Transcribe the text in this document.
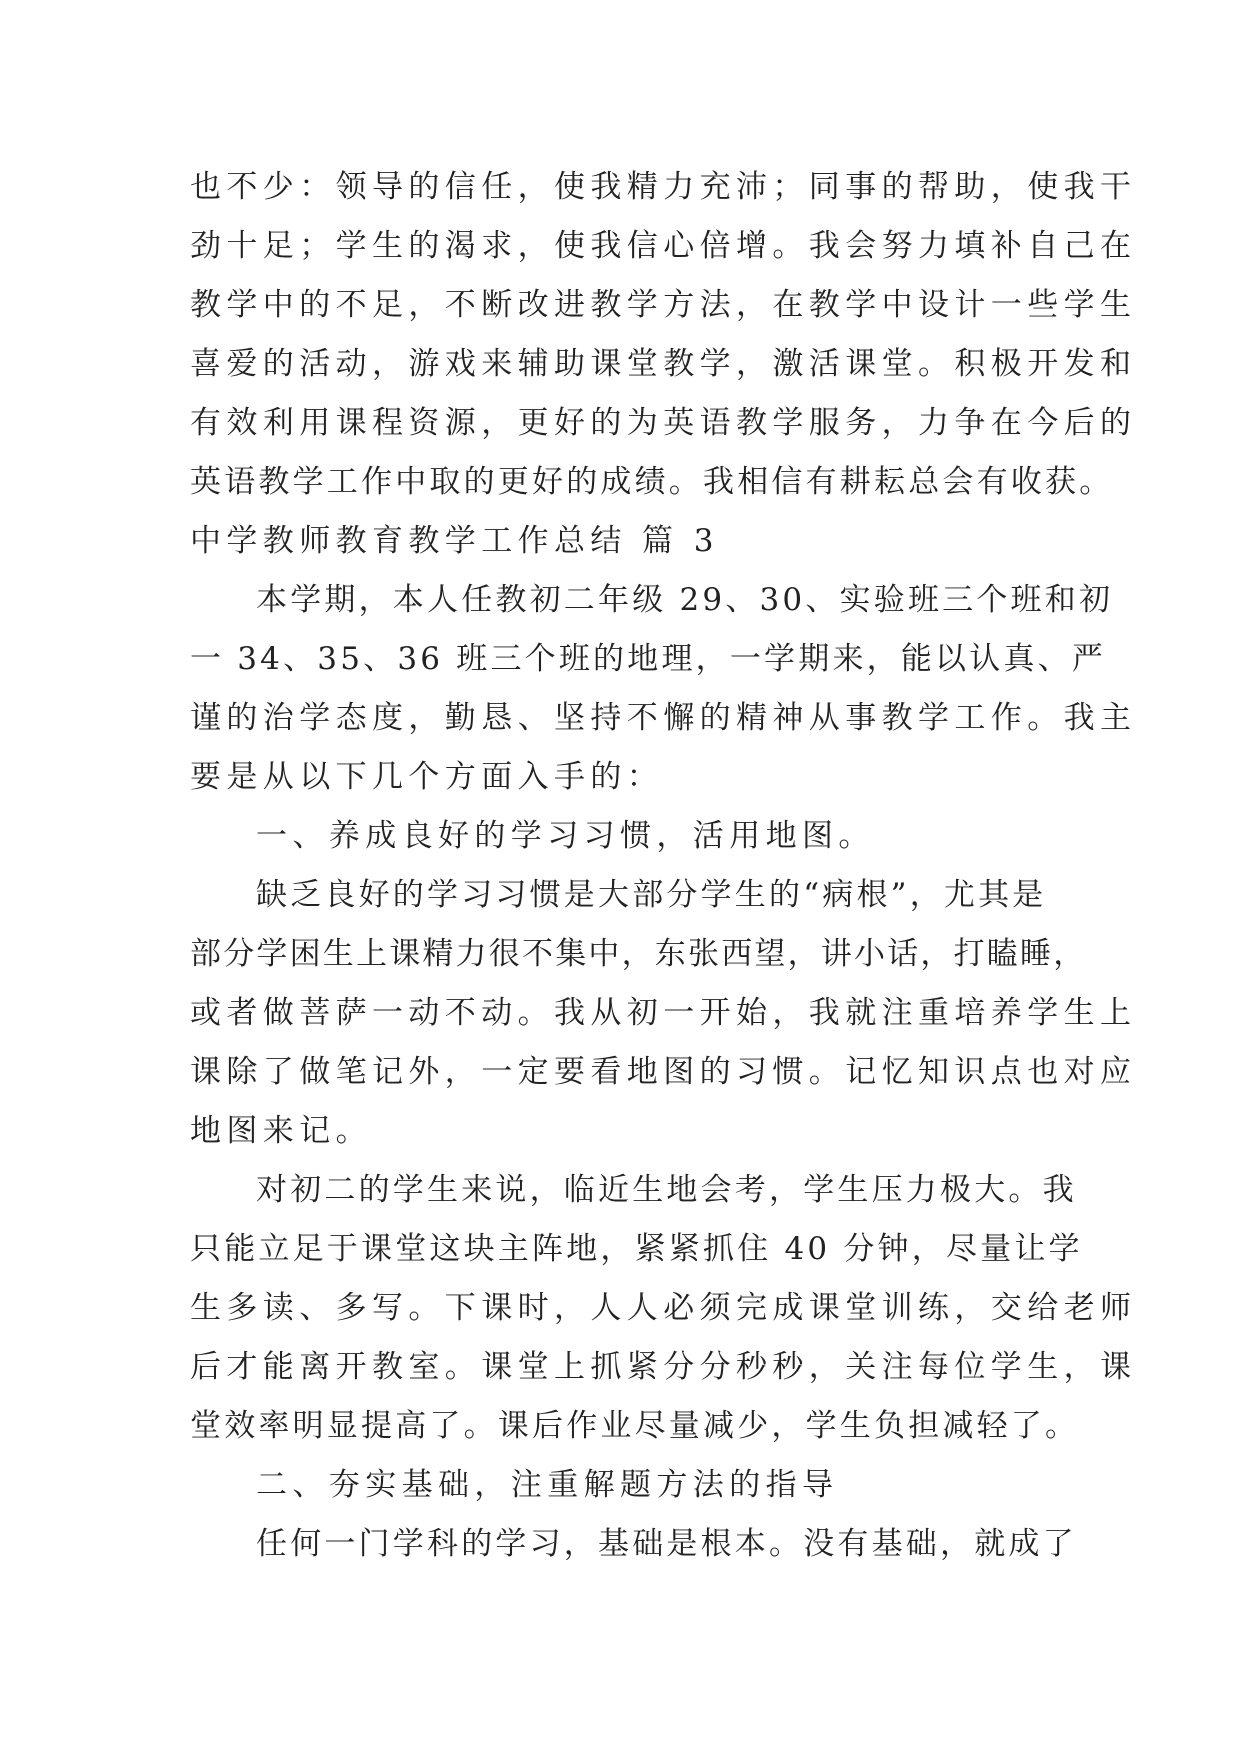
也不少：领导的信任，使我精力充沛；同事的帮助，使我干
劲十足；学生的渴求，使我信心倍增。我会努力填补自己在
教学中的不足，不断改进教学方法，在教学中设计一些学生
喜爱的活动，游戏来辅助课堂教学，激活课堂。积极开发和
有效利用课程资源，更好的为英语教学服务，力争在今后的
英语教学工作中取的更好的成绩。我相信有耕耘总会有收获。
中学教师教育教学工作总结 篇 3
本学期，本人任教初二年级 29、30、实验班三个班和初
一 34、35、36 班三个班的地理，一学期来，能以认真、严
谨的治学态度，勤恳、坚持不懈的精神从事教学工作。我主
要是从以下几个方面入手的：
一、养成良好的学习习惯，活用地图。
缺乏良好的学习习惯是大部分学生的“病根”，尤其是
部分学困生上课精力很不集中，东张西望，讲小话，打瞌睡，
或者做菩萨一动不动。我从初一开始，我就注重培养学生上
课除了做笔记外，一定要看地图的习惯。记忆知识点也对应
地图来记。
对初二的学生来说，临近生地会考，学生压力极大。我
只能立足于课堂这块主阵地，紧紧抓住 40 分钟，尽量让学
生多读、多写。下课时，人人必须完成课堂训练，交给老师
后才能离开教室。课堂上抓紧分分秒秒，关注每位学生，课
堂效率明显提高了。课后作业尽量减少，学生负担减轻了。
二、夯实基础，注重解题方法的指导
任何一门学科的学习，基础是根本。没有基础，就成了
